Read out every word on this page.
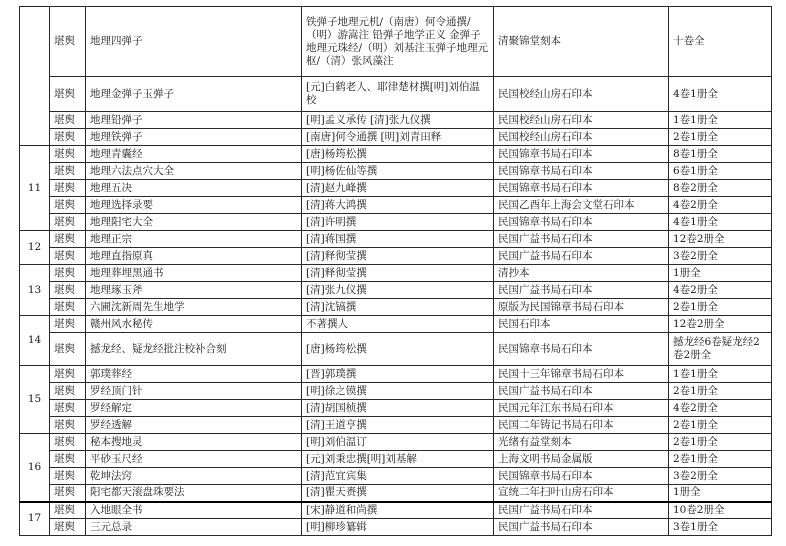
	堪舆	地理四弹子	铁弹子地理元机/（南唐）何令通撰/（明）游嵩注 铅弹子地学正义 金弹子地理元珠经/（明）刘基注玉弹子地理元枢/（清）张风藻注	清聚锦堂刻本	十卷全
	堪舆	地理金弹子玉弹子	[元]白鹤老人、耶律楚材撰[明]刘伯温校	民国校经山房石印本	4卷1册全
	堪舆	地理铅弹子	[明]孟义承传 [清]张九仪撰	民国校经山房石印本	1卷1册全
	堪舆	地理铁弹子	[南唐]何令通撰 [明]刘青田释	民国校经山房石印本	2卷1册全
11	堪舆	地理青囊经	[唐]杨筠松撰	民国锦章书局石印本	8卷1册全
	堪舆	地理六法点穴大全	[明]杨佐仙等撰	民国锦章书局石印本	6卷1册全
	堪舆	地理五决	[清]赵九峰撰	民国锦章书局石印本	8卷2册全
	堪舆	地理选择录要	[清]蒋大鸿撰	民国乙酉年上海会文堂石印本	4卷2册全
	堪舆	地理阳宅大全	[清]许明撰	民国锦章书局石印本	4卷1册全
12	堪舆	地理正宗	[清]蒋国撰	民国广益书局石印本	12卷2册全
	堪舆	地理直指原真	[清]释彻莹撰	民国广益书局石印本	3卷2册全
13	堪舆	地理葬埋黑通书	[清]释彻莹撰	清抄本	1册全
	堪舆	地理琢玉斧	[清]张九仪撰	民国广益书局石印本	4卷2册全
	堪舆	六圃沈新周先生地学	[清]沈镐撰	原版为民国锦章书局石印本	2卷1册全
14	堪舆	赣州风水秘传	不著撰人	民国石印本	12卷2册全
	堪舆	撼龙经、疑龙经批注校补合刻	[唐]杨筠松撰	民国锦章书局石印本	撼龙经6卷疑龙经2卷2册全
15	堪舆	郭璞葬经	[晋]郭璞撰	民国十三年锦章书局石印本	1卷1册全
	堪舆	罗经顶门针	[明]徐之镆撰	民国广益书局石印本	2卷1册全
	堪舆	罗经解定	[清]胡国桢撰	民国元年江东书局石印本	4卷2册全
	堪舆	罗经透解	[清]王道亨撰	民国二年铸记书局石印本	2卷1册全
16	堪舆	秘本搜地灵	[明]刘伯温订	光绪有益堂刻本	2卷1册全
	堪舆	平砂玉尺经	[元]刘秉忠撰[明]刘基解	上海文明书局金属版	2卷1册全
	堪舆	乾坤法窍	[清]范宜宾集	民国锦章书局石印本	3卷2册全
	堪舆	阳宅都天滚盘珠要法	[清]瞿天赉撰	宣统二年扫叶山房石印本	1册全
17	堪舆	入地眼全书	[宋]静道和尚撰	民国广益书局石印本	10卷2册全
	堪舆	三元总录	[明]柳珍纂辑	民国广益书局石印本	3卷1册全
